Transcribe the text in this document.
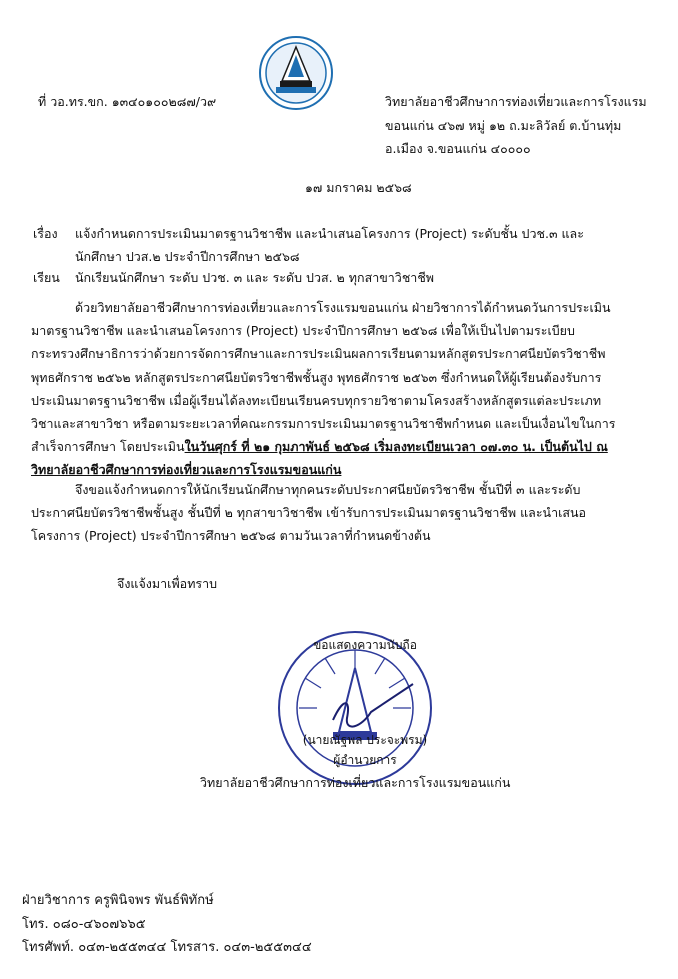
ที่ วอ.ทร.ขก. ๑๓๔๐๑๐๐๒๘๗/ว๙	วิทยาลัยอาชีวศึกษาการท่องเที่ยวและการโรงแรม
ขอนแก่น ๔๖๗ หมู่ ๑๒ ถ.มะลิวัลย์ ต.บ้านทุ่ม
อ.เมือง จ.ขอนแก่น ๔๐๐๐๐
๑๗ มกราคม ๒๕๖๘
เรื่อง แจ้งกำหนดการประเมินมาตรฐานวิชาชีพ และนำเสนอโครงการ (Project) ระดับชั้น ปวช.๓ และ
นักศึกษา ปวส.๒ ประจำปีการศึกษา ๒๕๖๘
เรียน นักเรียนนักศึกษา ระดับ ปวช. ๓ และ ระดับ ปวส. ๒ ทุกสาขาวิชาชีพ
ด้วยวิทยาลัยอาชีวศึกษาการท่องเที่ยวและการโรงแรมขอนแก่น ฝ่ายวิชาการได้กำหนดวันการประเมินมาตรฐานวิชาชีพ และนำเสนอโครงการ (Project) ประจำปีการศึกษา ๒๕๖๘ เพื่อให้เป็นไปตามระเบียบกระทรวงศึกษาธิการว่าด้วยการจัดการศึกษาและการประเมินผลการเรียนตามหลักสูตรประกาศนียบัตรวิชาชีพ พุทธศักราช ๒๕๖๒ หลักสูตรประกาศนียบัตรวิชาชีพชั้นสูง พุทธศักราช ๒๕๖๓ ซึ่งกำหนดให้ผู้เรียนต้องรับการประเมินมาตรฐานวิชาชีพ เมื่อผู้เรียนได้ลงทะเบียนเรียนครบทุกรายวิชาตามโครงสร้างหลักสูตรแต่ละประเภทวิชาและสาขาวิชา หรือตามระยะเวลาที่คณะกรรมการประเมินมาตรฐานวิชาชีพกำหนด และเป็นเงื่อนไขในการสำเร็จการศึกษา โดยประเมินในวันศุกร์ ที่ ๒๑ กุมภาพันธ์ ๒๕๖๘ เริ่มลงทะเบียนเวลา ๐๗.๓๐ น. เป็นต้นไป ณ วิทยาลัยอาชีวศึกษาการท่องเที่ยวและการโรงแรมขอนแก่น
จึงขอแจ้งกำหนดการให้นักเรียนนักศึกษาทุกคนระดับประกาศนียบัตรวิชาชีพ ชั้นปีที่ ๓ และระดับประกาศนียบัตรวิชาชีพชั้นสูง ชั้นปีที่ ๒ ทุกสาขาวิชาชีพ เข้ารับการประเมินมาตรฐานวิชาชีพ และนำเสนอโครงการ (Project) ประจำปีการศึกษา ๒๕๖๘ ตามวันเวลาที่กำหนดข้างต้น
จึงแจ้งมาเพื่อทราบ
ขอแสดงความนับถือ
(นายณัฐพล ประจะพรม)
ผู้อำนวยการ
วิทยาลัยอาชีวศึกษาการท่องเที่ยวและการโรงแรมขอนแก่น
ฝ่ายวิชาการ ครูพินิจพร พันธ์พิทักษ์
โทร. ๐๘๐-๔๖๐๗๖๖๕
โทรศัพท์. ๐๔๓-๒๕๕๓๔๔ โทรสาร. ๐๔๓-๒๕๕๓๔๔
